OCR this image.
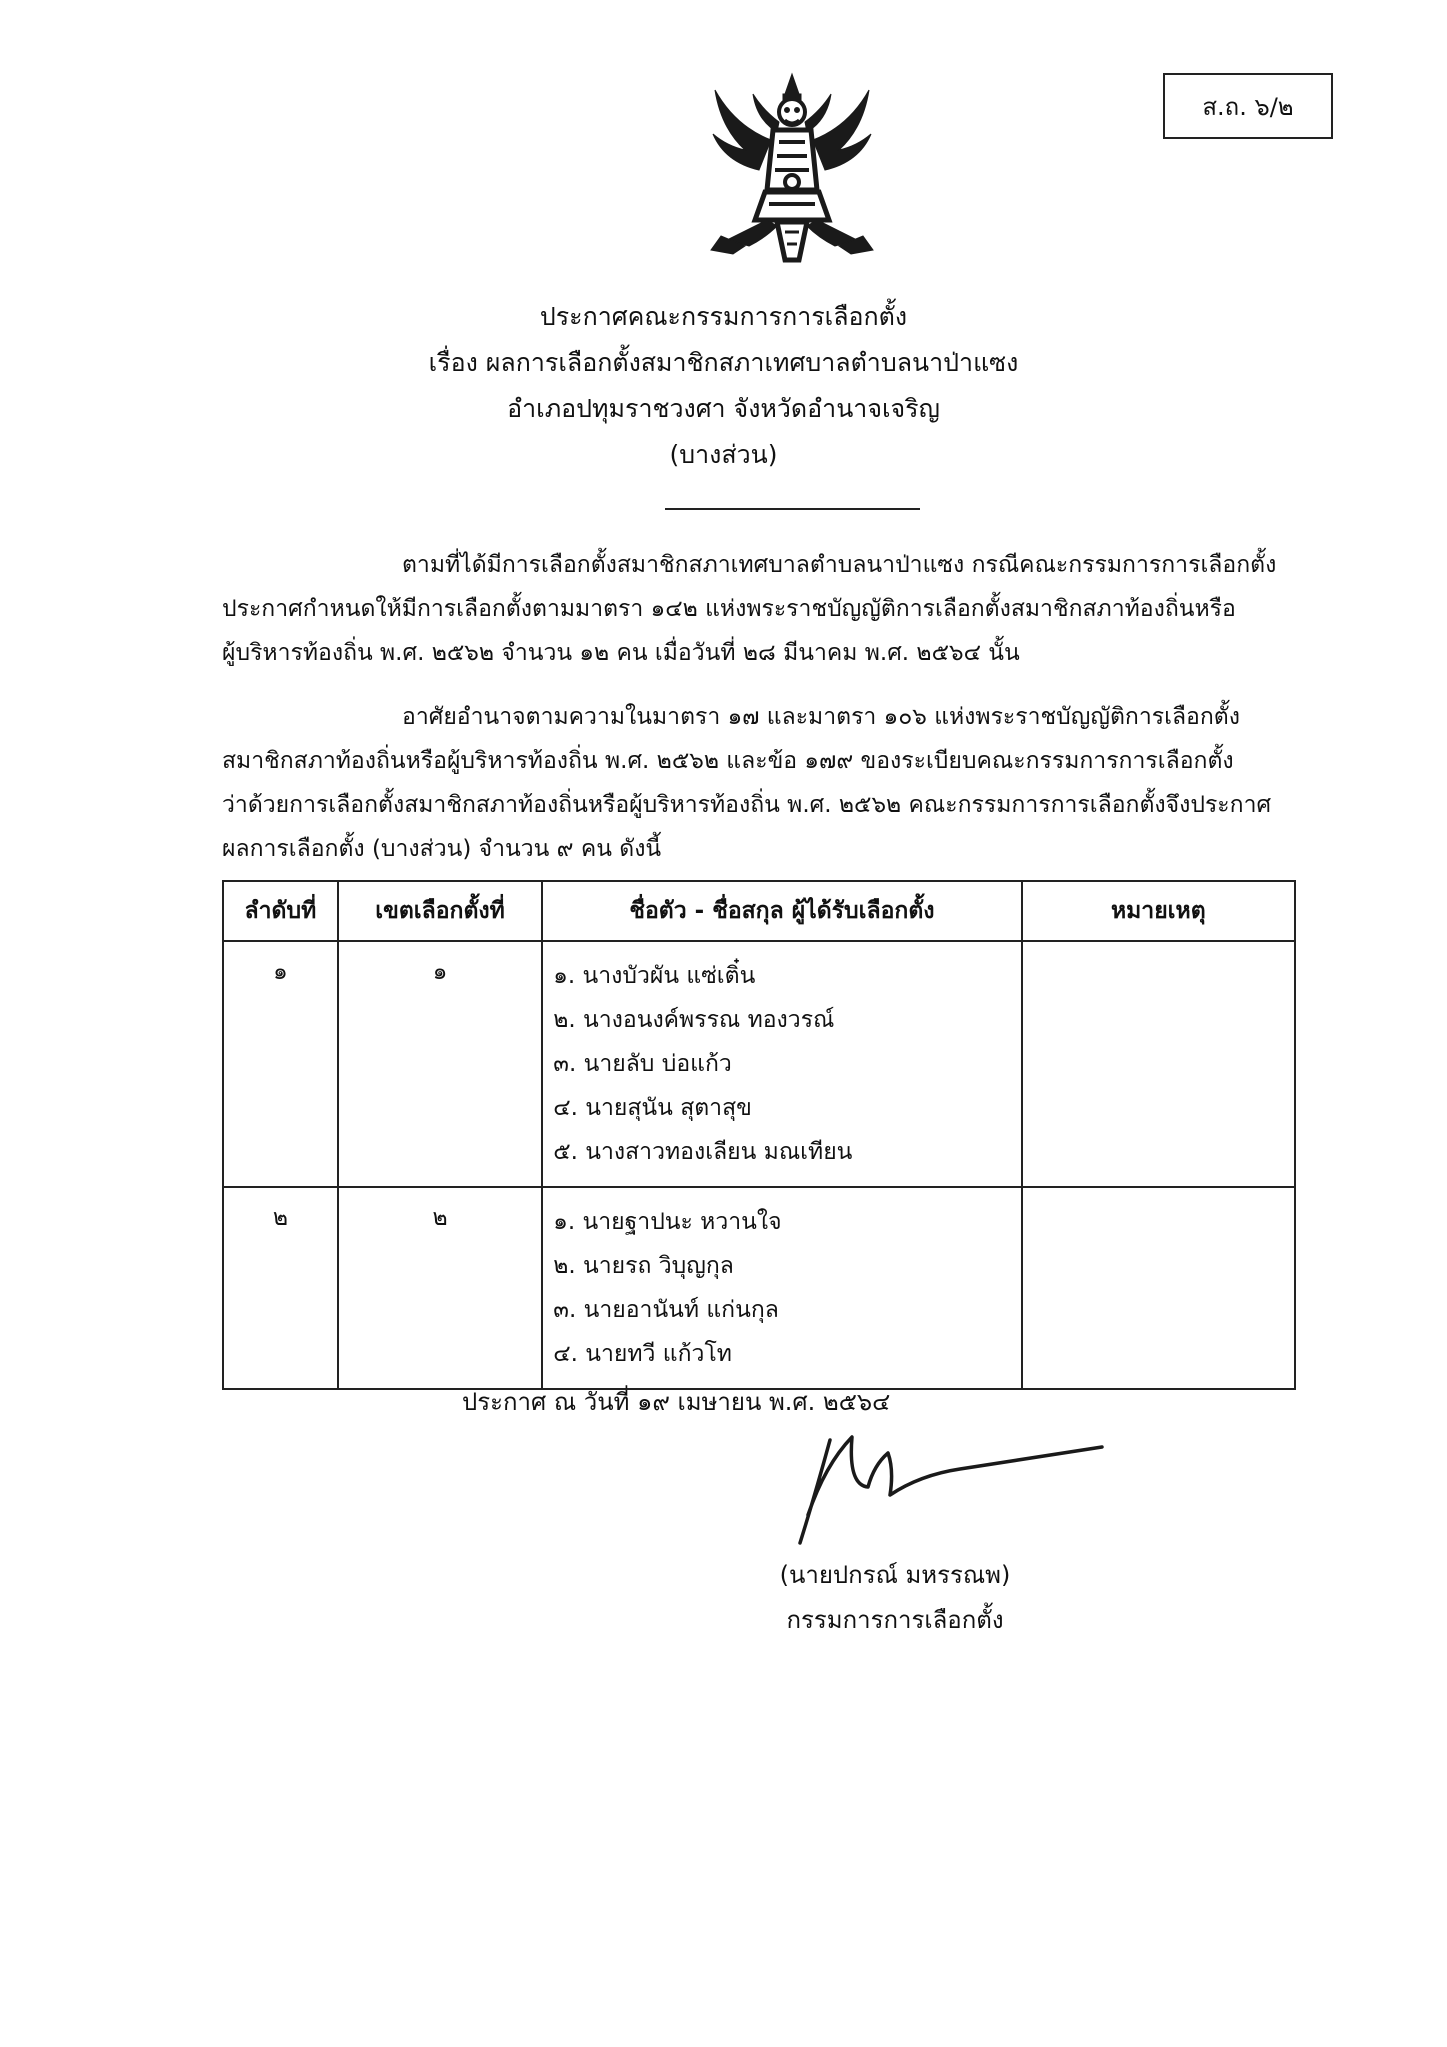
ส.ถ. ๖/๒
ประกาศคณะกรรมการการเลือกตั้ง
เรื่อง ผลการเลือกตั้งสมาชิกสภาเทศบาลตำบลนาป่าแซง
อำเภอปทุมราชวงศา จังหวัดอำนาจเจริญ
(บางส่วน)
ตามที่ได้มีการเลือกตั้งสมาชิกสภาเทศบาลตำบลนาป่าแซง กรณีคณะกรรมการการเลือกตั้ง
ประกาศกำหนดให้มีการเลือกตั้งตามมาตรา ๑๔๒ แห่งพระราชบัญญัติการเลือกตั้งสมาชิกสภาท้องถิ่นหรือ
ผู้บริหารท้องถิ่น พ.ศ. ๒๕๖๒ จำนวน ๑๒ คน เมื่อวันที่ ๒๘ มีนาคม พ.ศ. ๒๕๖๔ นั้น
อาศัยอำนาจตามความในมาตรา ๑๗ และมาตรา ๑๐๖ แห่งพระราชบัญญัติการเลือกตั้ง
สมาชิกสภาท้องถิ่นหรือผู้บริหารท้องถิ่น พ.ศ. ๒๕๖๒ และข้อ ๑๗๙ ของระเบียบคณะกรรมการการเลือกตั้ง
ว่าด้วยการเลือกตั้งสมาชิกสภาท้องถิ่นหรือผู้บริหารท้องถิ่น พ.ศ. ๒๕๖๒ คณะกรรมการการเลือกตั้งจึงประกาศ
ผลการเลือกตั้ง (บางส่วน) จำนวน ๙ คน ดังนี้
ลำดับที่	เขตเลือกตั้งที่	ชื่อตัว - ชื่อสกุล ผู้ได้รับเลือกตั้ง	หมายเหตุ
๑	๑	๑. นางบัวผัน แซ่เติ๋น
๒. นางอนงค์พรรณ ทองวรณ์
๓. นายลับ บ่อแก้ว
๔. นายสุนัน สุตาสุข
๕. นางสาวทองเลียน มณเทียน	

๒	๒	๑. นายฐาปนะ หวานใจ
๒. นายรถ วิบุญกุล
๓. นายอานันท์ แก่นกุล
๔. นายทวี แก้วโท	

ประกาศ ณ วันที่ ๑๙ เมษายน พ.ศ. ๒๕๖๔
(นายปกรณ์ มหรรณพ)
กรรมการการเลือกตั้ง
